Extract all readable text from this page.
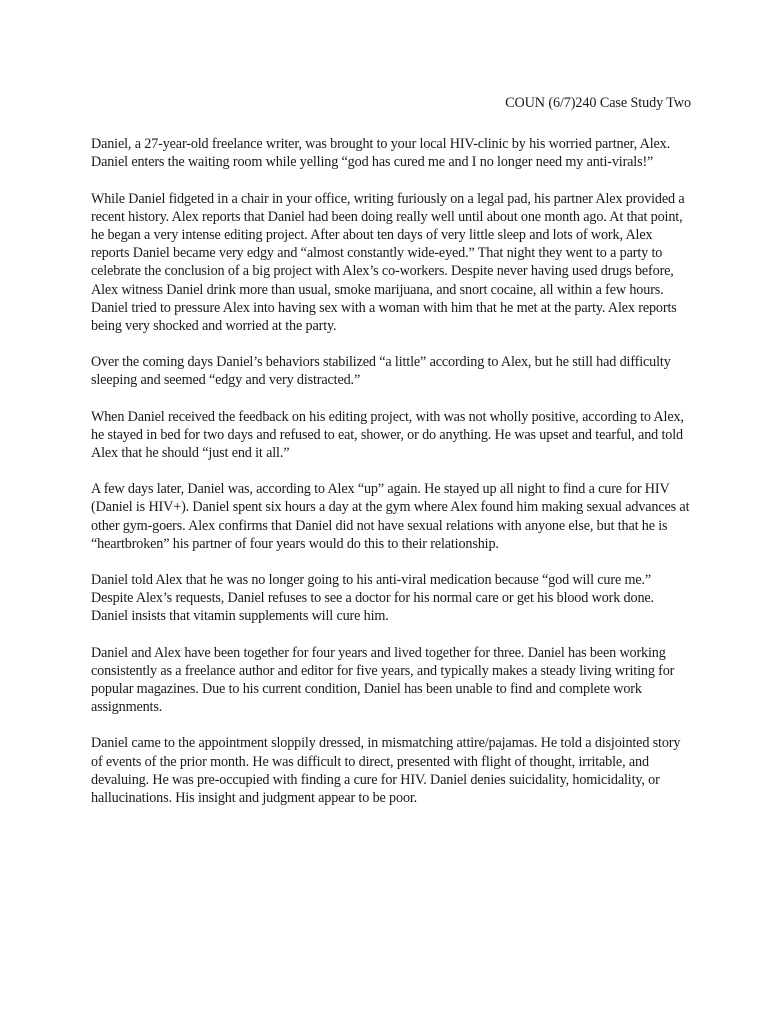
COUN (6/7)240 Case Study Two

Daniel, a 27-year-old freelance writer, was brought to your local HIV-clinic by his worried partner, Alex. Daniel enters the waiting room while yelling “god has cured me and I no longer need my anti-virals!”

While Daniel fidgeted in a chair in your office, writing furiously on a legal pad, his partner Alex provided a recent history. Alex reports that Daniel had been doing really well until about one month ago. At that point, he began a very intense editing project. After about ten days of very little sleep and lots of work, Alex reports Daniel became very edgy and “almost constantly wide-eyed.” That night they went to a party to celebrate the conclusion of a big project with Alex’s co-workers. Despite never having used drugs before, Alex witness Daniel drink more than usual, smoke marijuana, and snort cocaine, all within a few hours. Daniel tried to pressure Alex into having sex with a woman with him that he met at the party. Alex reports being very shocked and worried at the party.

Over the coming days Daniel’s behaviors stabilized “a little” according to Alex, but he still had difficulty sleeping and seemed “edgy and very distracted.”

When Daniel received the feedback on his editing project, with was not wholly positive, according to Alex, he stayed in bed for two days and refused to eat, shower, or do anything. He was upset and tearful, and told Alex that he should “just end it all.”

A few days later, Daniel was, according to Alex “up” again. He stayed up all night to find a cure for HIV (Daniel is HIV+). Daniel spent six hours a day at the gym where Alex found him making sexual advances at other gym-goers. Alex confirms that Daniel did not have sexual relations with anyone else, but that he is “heartbroken” his partner of four years would do this to their relationship.

Daniel told Alex that he was no longer going to his anti-viral medication because “god will cure me.” Despite Alex’s requests, Daniel refuses to see a doctor for his normal care or get his blood work done. Daniel insists that vitamin supplements will cure him.

Daniel and Alex have been together for four years and lived together for three. Daniel has been working consistently as a freelance author and editor for five years, and typically makes a steady living writing for popular magazines. Due to his current condition, Daniel has been unable to find and complete work assignments.

Daniel came to the appointment sloppily dressed, in mismatching attire/pajamas. He told a disjointed story of events of the prior month. He was difficult to direct, presented with flight of thought, irritable, and devaluing. He was pre-occupied with finding a cure for HIV. Daniel denies suicidality, homicidality, or hallucinations. His insight and judgment appear to be poor.
